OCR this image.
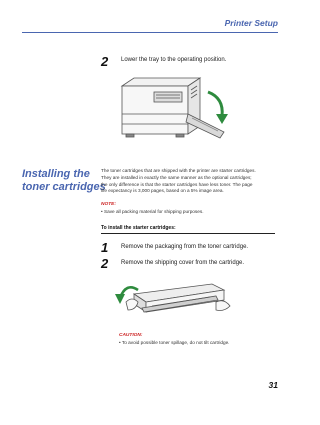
Printer Setup
2 Lower the tray to the operating position.
Installing the
toner cartridges
The toner cartridges that are shipped with the printer are starter cartridges.
They are installed in exactly the same manner as the optional cartridges;
the only difference is that the starter cartridges have less toner. The page
life expectancy is 3,000 pages, based on a 5% image area.
NOTE:
• Save all packing material for shipping purposes.
To install the starter cartridges:
1 Remove the packaging from the toner cartridge.
2 Remove the shipping cover from the cartridge.
CAUTION:
• To avoid possible toner spillage, do not tilt cartridge.
31
